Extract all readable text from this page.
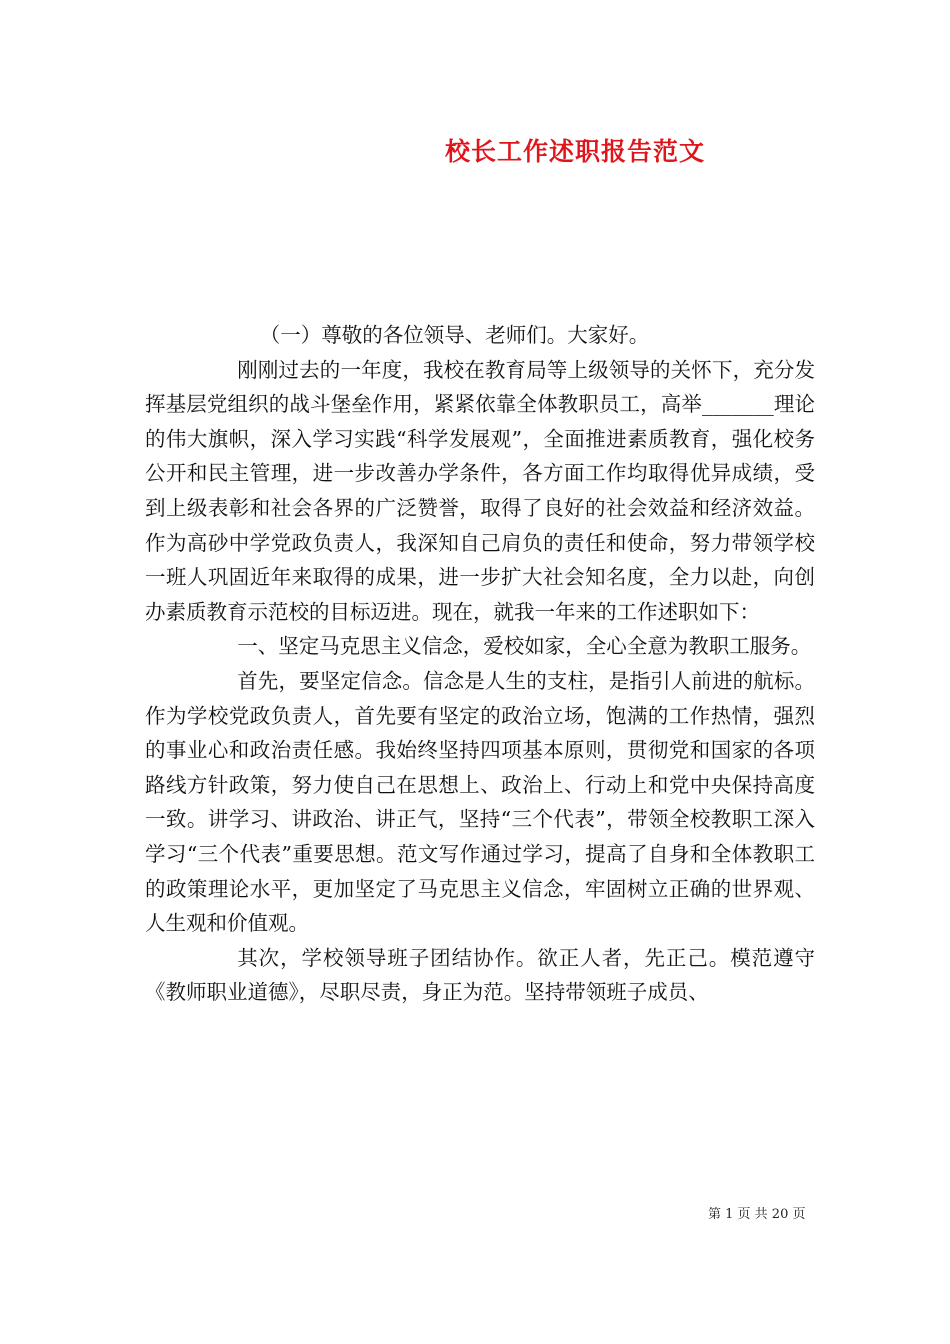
校长工作述职报告范文

（一）尊敬的各位领导、老师们。大家好。

刚刚过去的一年度，我校在教育局等上级领导的关怀下，充分发挥基层党组织的战斗堡垒作用，紧紧依靠全体教职员工，高举_______理论的伟大旗帜，深入学习实践“科学发展观”，全面推进素质教育，强化校务公开和民主管理，进一步改善办学条件，各方面工作均取得优异成绩，受到上级表彰和社会各界的广泛赞誉，取得了良好的社会效益和经济效益。作为高砂中学党政负责人，我深知自己肩负的责任和使命，努力带领学校一班人巩固近年来取得的成果，进一步扩大社会知名度，全力以赴，向创办素质教育示范校的目标迈进。现在，就我一年来的工作述职如下：

一、坚定马克思主义信念，爱校如家，全心全意为教职工服务。

首先，要坚定信念。信念是人生的支柱，是指引人前进的航标。作为学校党政负责人，首先要有坚定的政治立场，饱满的工作热情，强烈的事业心和政治责任感。我始终坚持四项基本原则，贯彻党和国家的各项路线方针政策，努力使自己在思想上、政治上、行动上和党中央保持高度一致。讲学习、讲政治、讲正气，坚持“三个代表”，带领全校教职工深入学习“三个代表”重要思想。范文写作通过学习，提高了自身和全体教职工的政策理论水平，更加坚定了马克思主义信念，牢固树立正确的世界观、人生观和价值观。

其次，学校领导班子团结协作。欲正人者，先正己。模范遵守《教师职业道德》，尽职尽责，身正为范。坚持带领班子成员、

第 1 页 共 20 页
